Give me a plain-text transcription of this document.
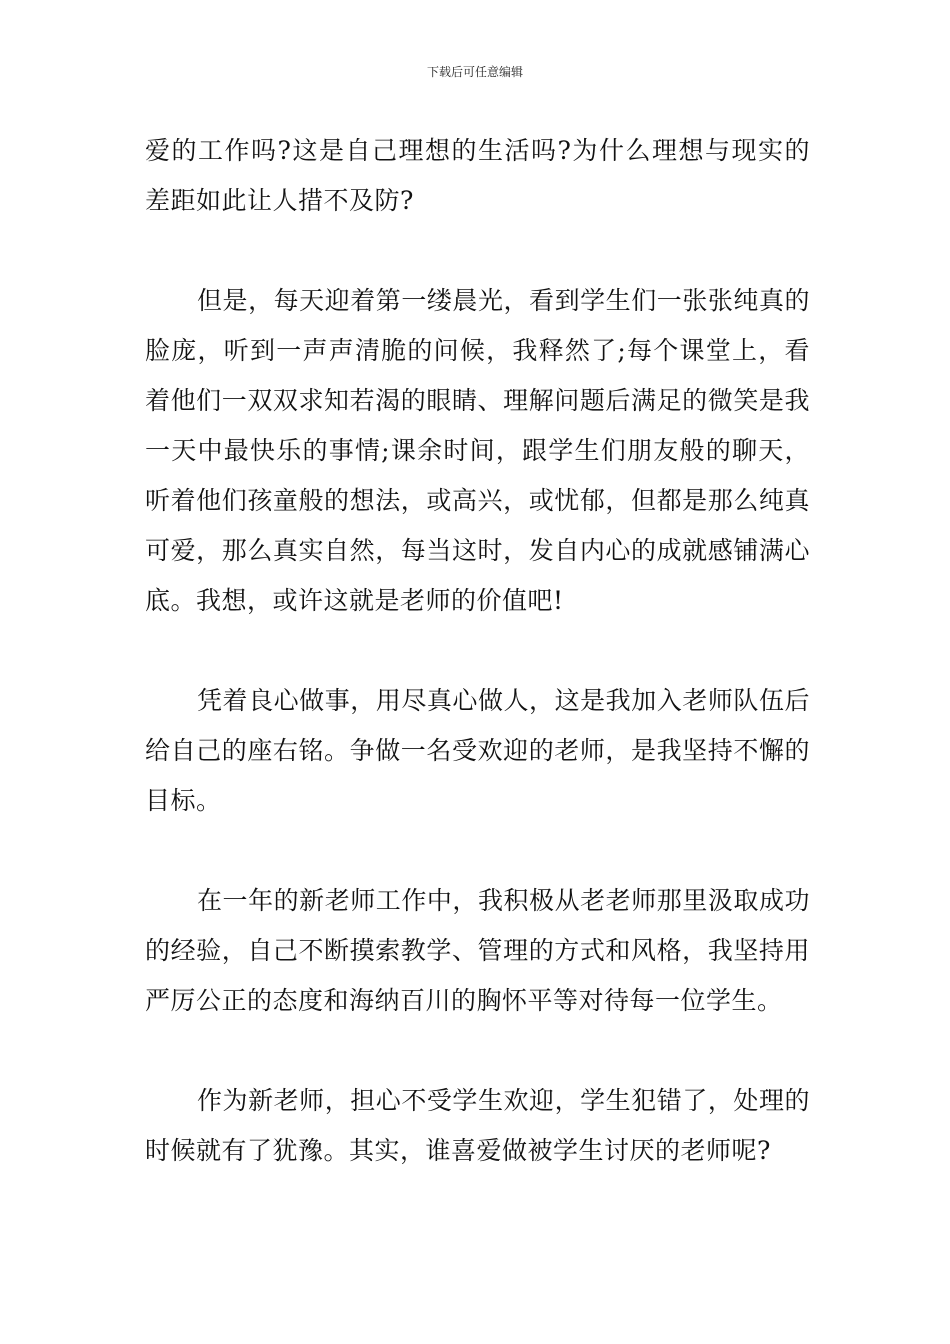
下载后可任意编辑

爱的工作吗?这是自己理想的生活吗?为什么理想与现实的差距如此让人措不及防?

但是，每天迎着第一缕晨光，看到学生们一张张纯真的脸庞，听到一声声清脆的问候，我释然了;每个课堂上，看着他们一双双求知若渴的眼睛、理解问题后满足的微笑是我一天中最快乐的事情;课余时间，跟学生们朋友般的聊天，听着他们孩童般的想法，或高兴，或忧郁，但都是那么纯真可爱，那么真实自然，每当这时，发自内心的成就感铺满心底。我想，或许这就是老师的价值吧!

凭着良心做事，用尽真心做人，这是我加入老师队伍后给自己的座右铭。争做一名受欢迎的老师，是我坚持不懈的目标。

在一年的新老师工作中，我积极从老老师那里汲取成功的经验，自己不断摸索教学、管理的方式和风格，我坚持用严厉公正的态度和海纳百川的胸怀平等对待每一位学生。

作为新老师，担心不受学生欢迎，学生犯错了，处理的时候就有了犹豫。其实，谁喜爱做被学生讨厌的老师呢?
